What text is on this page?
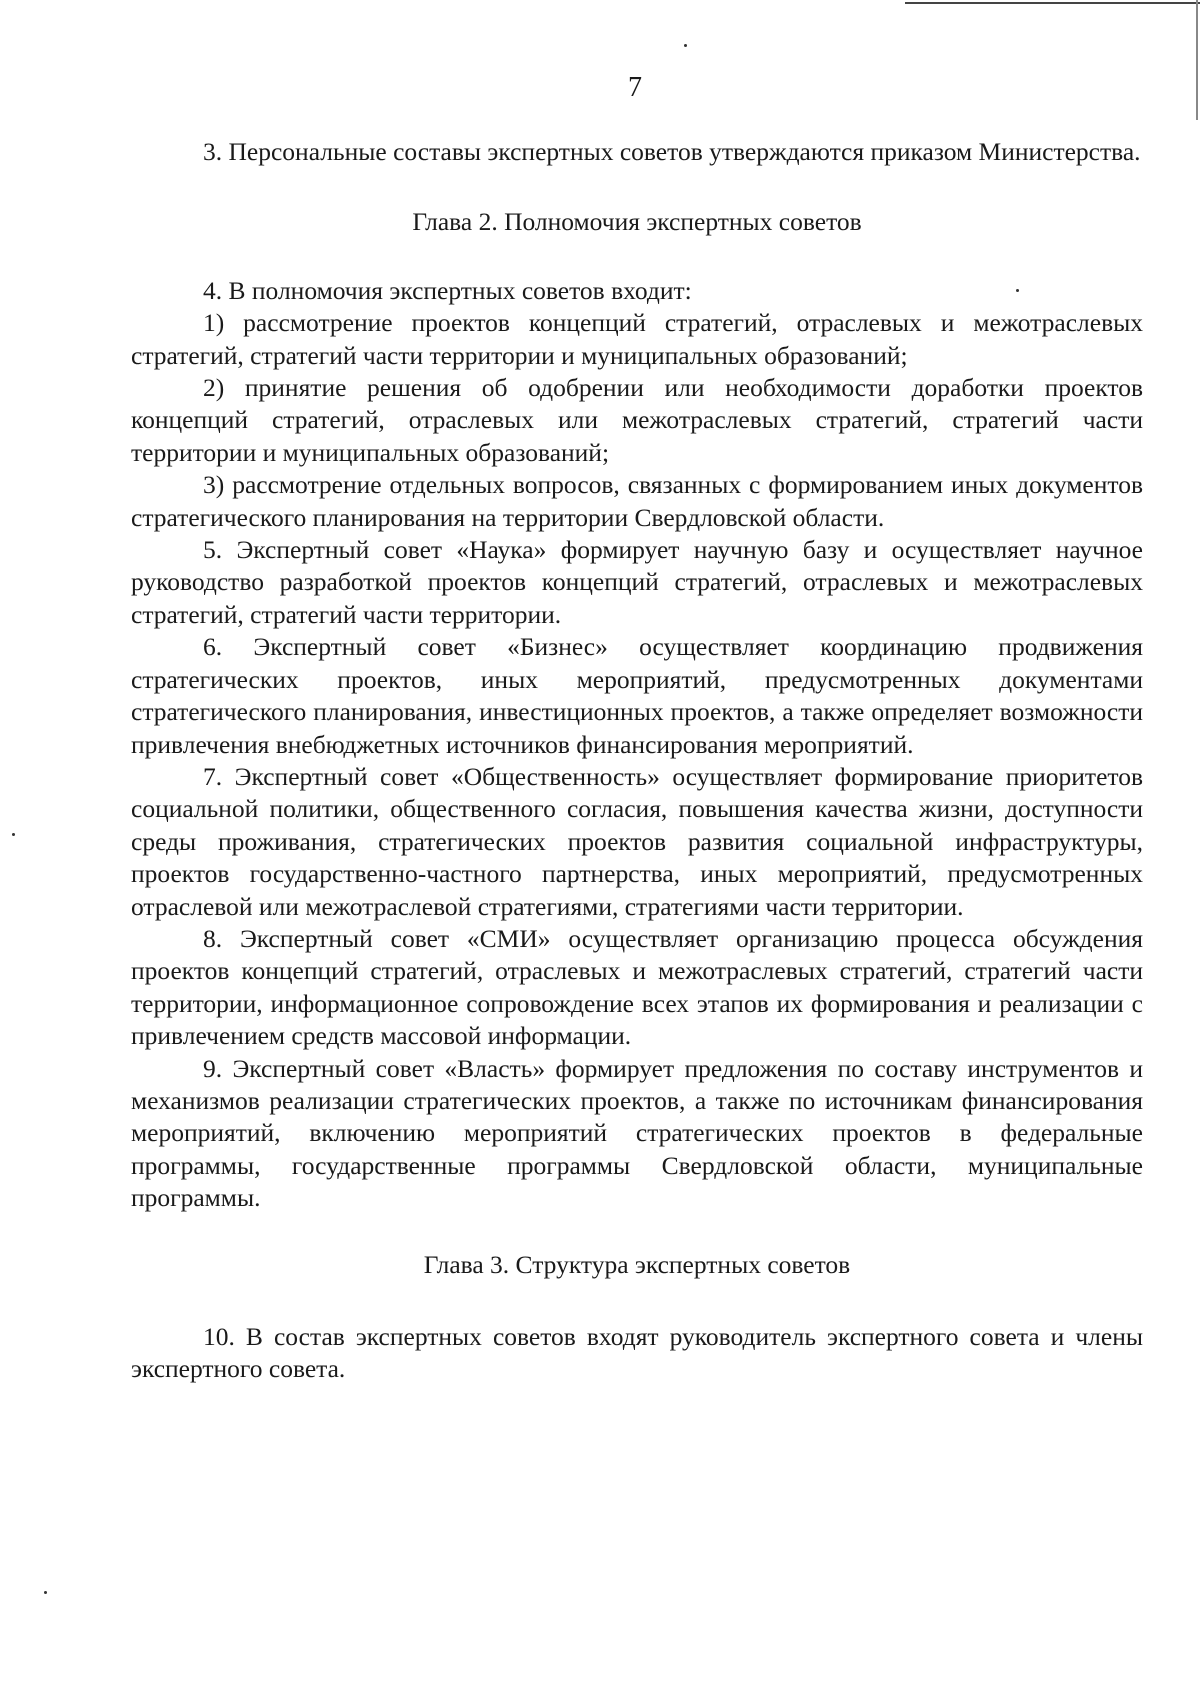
7

3. Персональные составы экспертных советов утверждаются приказом Министерства.

Глава 2. Полномочия экспертных советов

4. В полномочия экспертных советов входит:

1) рассмотрение проектов концепций стратегий, отраслевых и межотраслевых стратегий, стратегий части территории и муниципальных образований;

2) принятие решения об одобрении или необходимости доработки проектов концепций стратегий, отраслевых или межотраслевых стратегий, стратегий части территории и муниципальных образований;

3) рассмотрение отдельных вопросов, связанных с формированием иных документов стратегического планирования на территории Свердловской области.

5. Экспертный совет «Наука» формирует научную базу и осуществляет научное руководство разработкой проектов концепций стратегий, отраслевых и межотраслевых стратегий, стратегий части территории.

6. Экспертный совет «Бизнес» осуществляет координацию продвижения стратегических проектов, иных мероприятий, предусмотренных документами стратегического планирования, инвестиционных проектов, а также определяет возможности привлечения внебюджетных источников финансирования мероприятий.

7. Экспертный совет «Общественность» осуществляет формирование приоритетов социальной политики, общественного согласия, повышения качества жизни, доступности среды проживания, стратегических проектов развития социальной инфраструктуры, проектов государственно-частного партнерства, иных мероприятий, предусмотренных отраслевой или межотраслевой стратегиями, стратегиями части территории.

8. Экспертный совет «СМИ» осуществляет организацию процесса обсуждения проектов концепций стратегий, отраслевых и межотраслевых стратегий, стратегий части территории, информационное сопровождение всех этапов их формирования и реализации с привлечением средств массовой информации.

9. Экспертный совет «Власть» формирует предложения по составу инструментов и механизмов реализации стратегических проектов, а также по источникам финансирования мероприятий, включению мероприятий стратегических проектов в федеральные программы, государственные программы Свердловской области, муниципальные программы.

Глава 3. Структура экспертных советов

10. В состав экспертных советов входят руководитель экспертного совета и члены экспертного совета.
